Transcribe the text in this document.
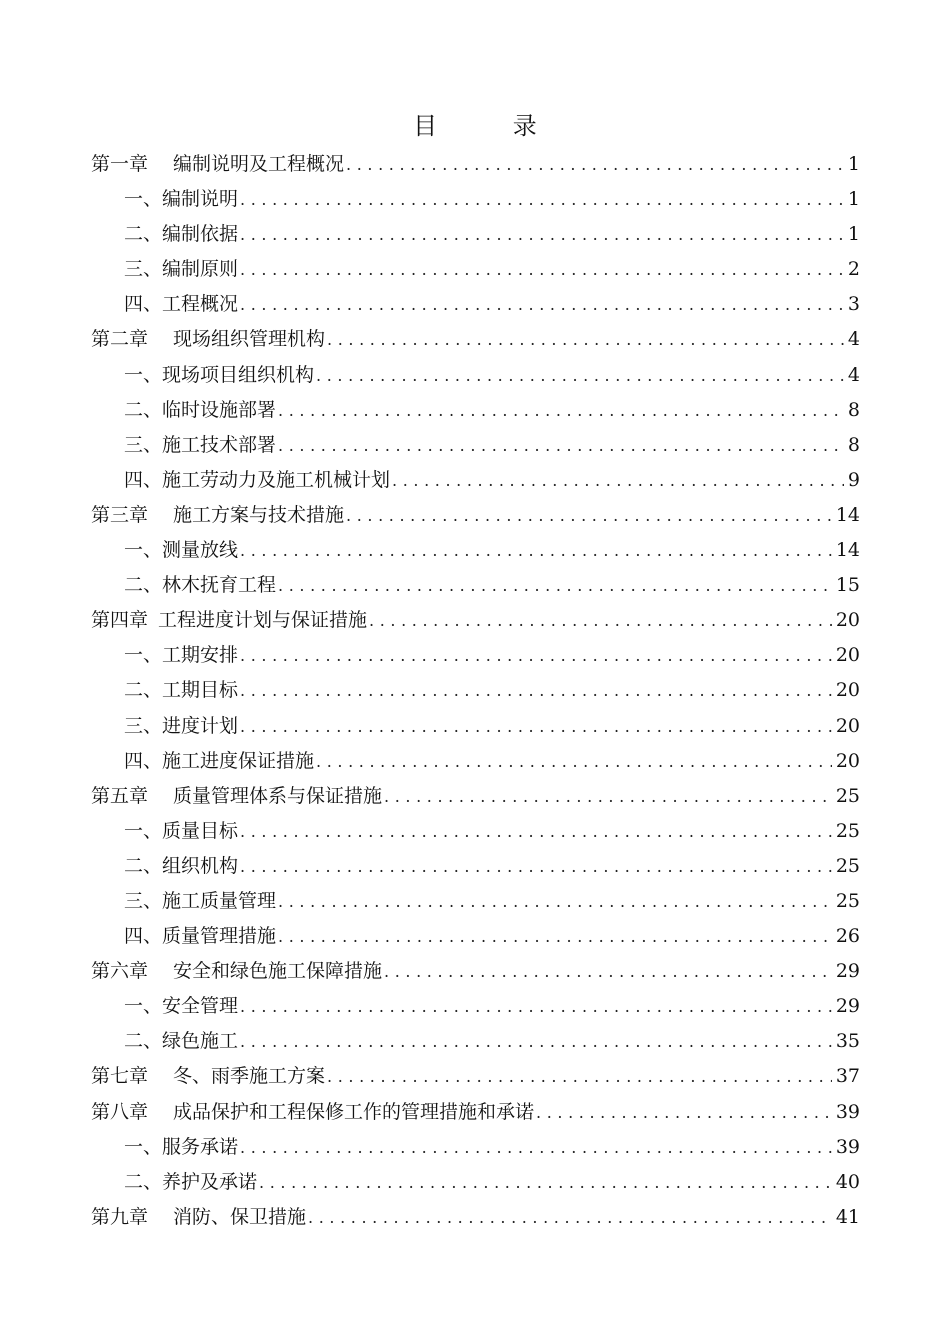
目 录
第一章 编制说明及工程概况 .....	1
一、编制说明 .....	1
二、编制依据 .....	1
三、编制原则 .....	2
四、工程概况 .....	3
第二章 现场组织管理机构 .....	4
一、现场项目组织机构 .....	4
二、临时设施部署 .....	8
三、施工技术部署 .....	8
四、施工劳动力及施工机械计划 .....	9
第三章 施工方案与技术措施 .....	14
一、测量放线 .....	14
二、林木抚育工程 .....	15
第四章 工程进度计划与保证措施 .....	20
一、工期安排 .....	20
二、工期目标 .....	20
三、进度计划 .....	20
四、施工进度保证措施 .....	20
第五章 质量管理体系与保证措施 .....	25
一、质量目标 .....	25
二、组织机构 .....	25
三、施工质量管理 .....	25
四、质量管理措施 .....	26
第六章 安全和绿色施工保障措施 .....	29
一、安全管理 .....	29
二、绿色施工 .....	35
第七章 冬、雨季施工方案 .....	37
第八章 成品保护和工程保修工作的管理措施和承诺 .....	39
一、服务承诺 .....	39
二、养护及承诺 .....	40
第九章 消防、保卫措施 .....	41
